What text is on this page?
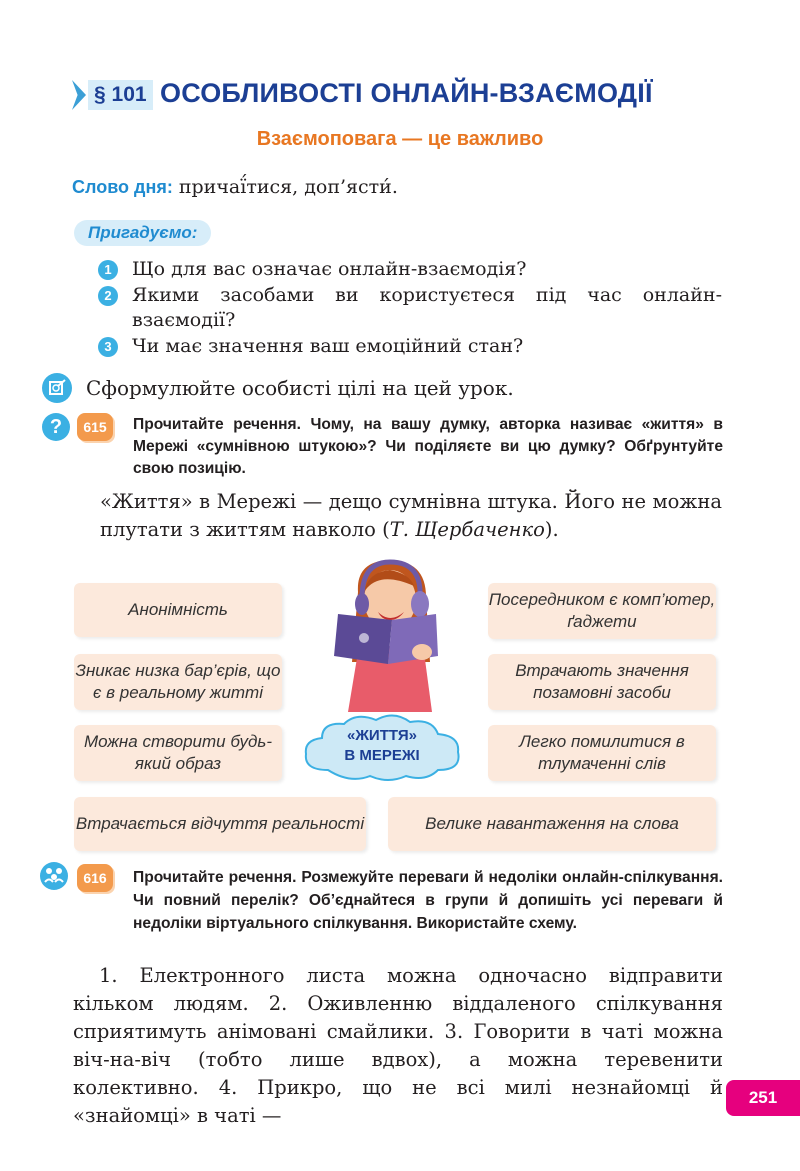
§ 101 ОСОБЛИВОСТІ ОНЛАЙН-ВЗАЄМОДІЇ
Взаємоповага — це важливо
Слово дня: причаї́тися, доп’ясти́.
Пригадуємо:
1	Що для вас означає онлайн-взаємодія?
2	Якими засобами ви користуєтеся під час онлайн-взаємодії?
3	Чи має значення ваш емоційний стан?
Сформулюйте особисті цілі на цей урок.
?	615	Прочитайте речення. Чому, на вашу думку, авторка називає «життя» в Мережі «сумнівною штукою»? Чи поділяєте ви цю думку? Обґрунтуйте свою позицію.
«Життя» в Мережі — дещо сумнівна штука. Його не можна плутати з життям навколо (Т. Щербаченко).
Анонімність
Зникає низка бар’єрів, що є в реальному житті
Можна створити будь-який образ
Посередником є комп’ютер, ґаджети
Втрачають значення позамовні засоби
Легко помилитися в тлумаченні слів
Втрачається відчуття реальності	Велике навантаження на слова
«ЖИТТЯ»
В МЕРЕЖІ
616	Прочитайте речення. Розмежуйте переваги й недоліки онлайн-спілкування. Чи повний перелік? Об’єднайтеся в групи й допишіть усі переваги й недоліки віртуального спілкування. Використайте схему.
1. Електронного листа можна одночасно відправити кільком людям. 2. Оживленню віддаленого спілкування сприятимуть анімовані смайлики. 3. Говорити в чаті можна віч-на-віч (тобто лише вдвох), а можна теревенити колективно. 4. Прикро, що не всі милі незнайомці й «знайомці» в чаті —
251
